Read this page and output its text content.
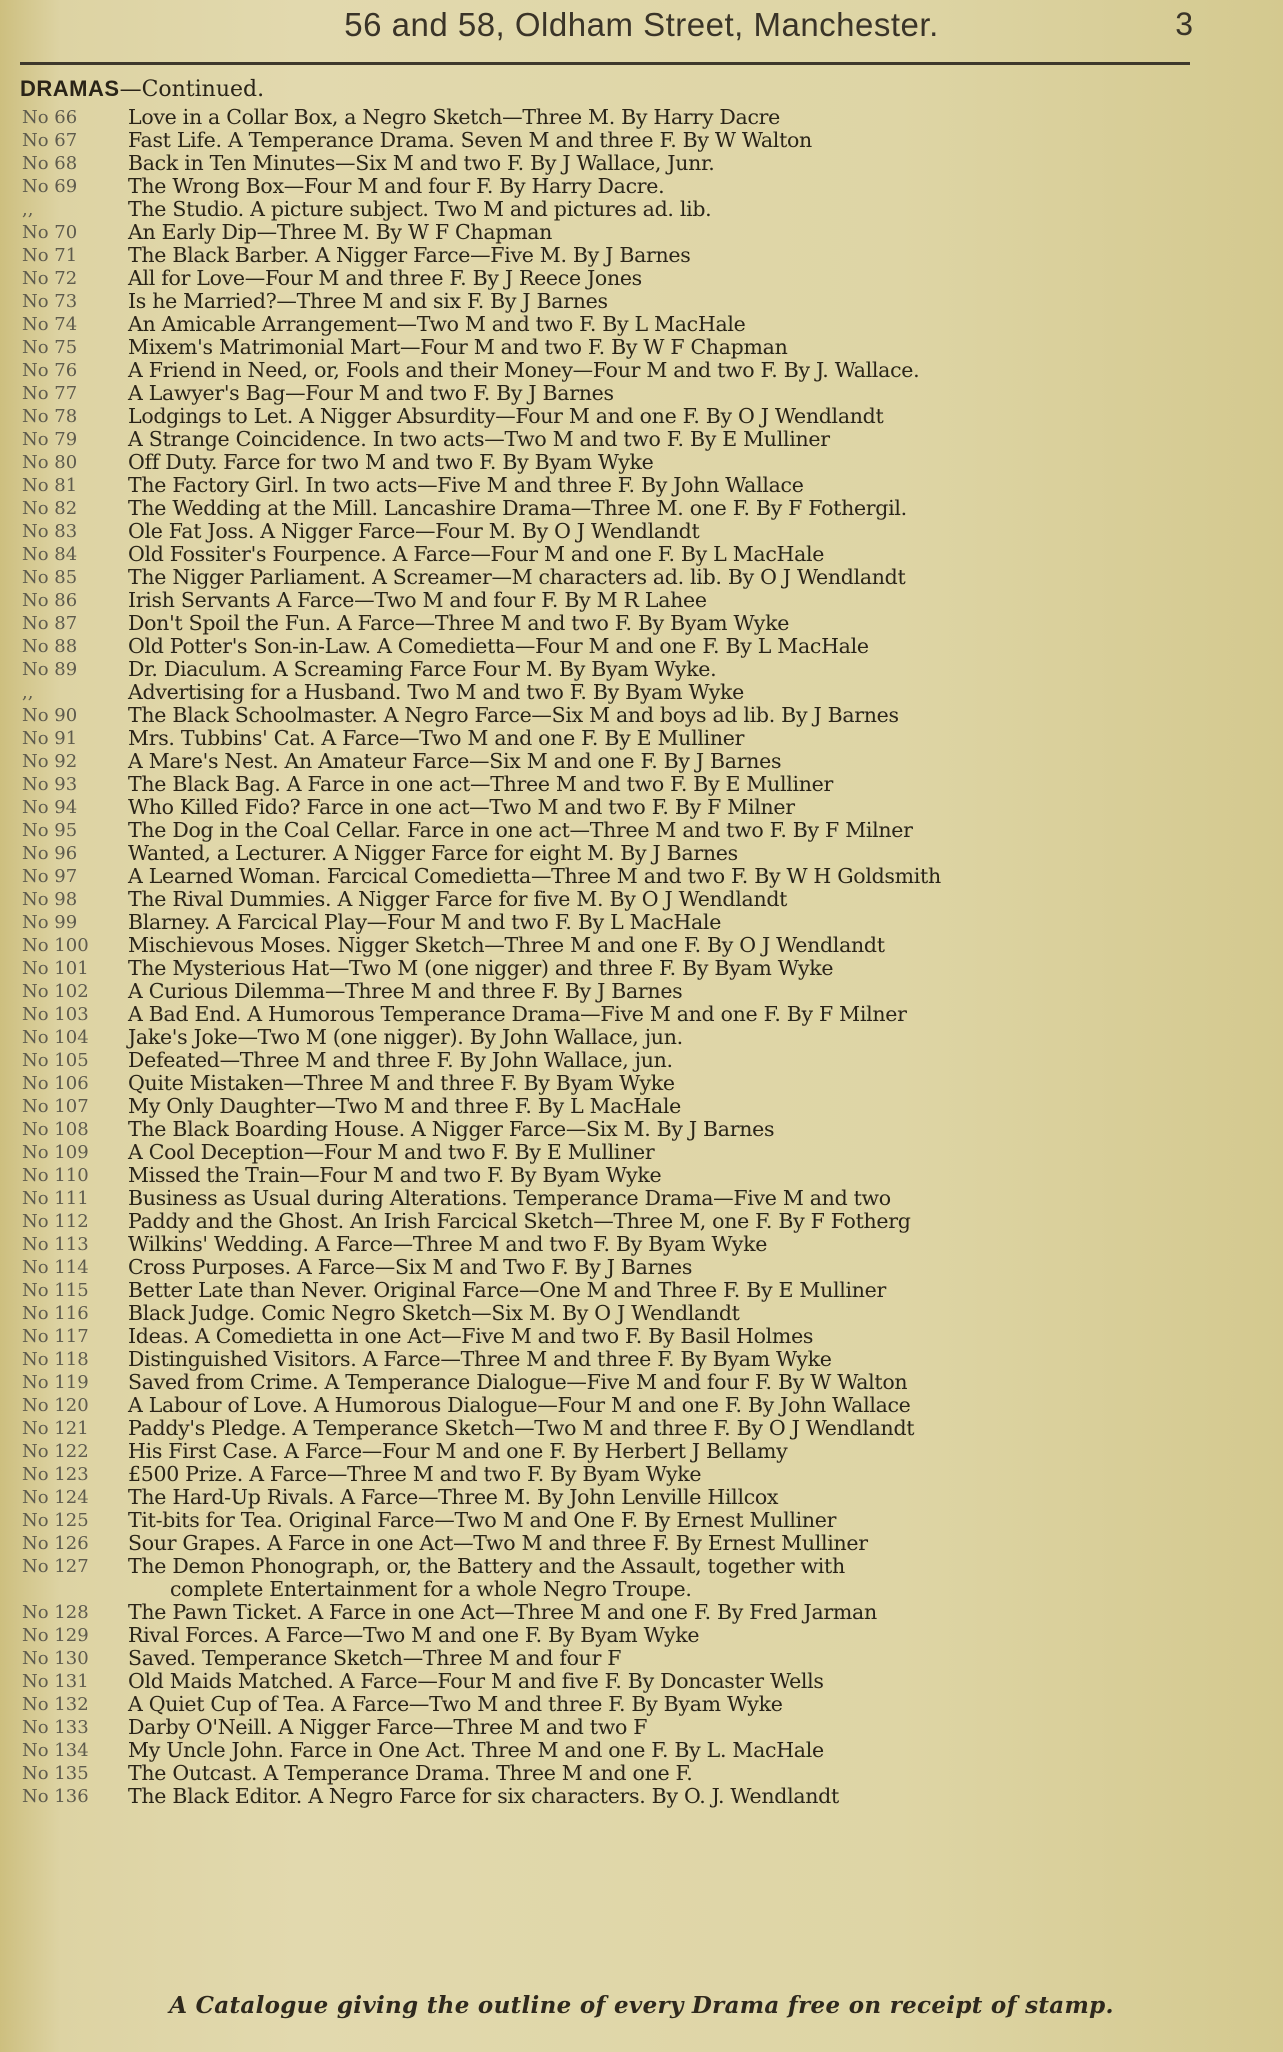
56 and 58, Oldham Street, Manchester.	3
DRAMAS—Continued.
No 66	Love in a Collar Box, a Negro Sketch—Three M. By Harry Dacre
No 67	Fast Life. A Temperance Drama. Seven M and three F. By W Walton
No 68	Back in Ten Minutes—Six M and two F. By J Wallace, Junr.
No 69	The Wrong Box—Four M and four F. By Harry Dacre.
,,	The Studio. A picture subject. Two M and pictures ad. lib.
No 70	An Early Dip—Three M. By W F Chapman
No 71	The Black Barber. A Nigger Farce—Five M. By J Barnes
No 72	All for Love—Four M and three F. By J Reece Jones
No 73	Is he Married?—Three M and six F. By J Barnes
No 74	An Amicable Arrangement—Two M and two F. By L MacHale
No 75	Mixem's Matrimonial Mart—Four M and two F. By W F Chapman
No 76	A Friend in Need, or, Fools and their Money—Four M and two F. By J. Wallace.
No 77	A Lawyer's Bag—Four M and two F. By J Barnes
No 78	Lodgings to Let. A Nigger Absurdity—Four M and one F. By O J Wendlandt
No 79	A Strange Coincidence. In two acts—Two M and two F. By E Mulliner
No 80	Off Duty. Farce for two M and two F. By Byam Wyke
No 81	The Factory Girl. In two acts—Five M and three F. By John Wallace
No 82	The Wedding at the Mill. Lancashire Drama—Three M. one F. By F Fothergil.
No 83	Ole Fat Joss. A Nigger Farce—Four M. By O J Wendlandt
No 84	Old Fossiter's Fourpence. A Farce—Four M and one F. By L MacHale
No 85	The Nigger Parliament. A Screamer—M characters ad. lib. By O J Wendlandt
No 86	Irish Servants A Farce—Two M and four F. By M R Lahee
No 87	Don't Spoil the Fun. A Farce—Three M and two F. By Byam Wyke
No 88	Old Potter's Son-in-Law. A Comedietta—Four M and one F. By L MacHale
No 89	Dr. Diaculum. A Screaming Farce Four M. By Byam Wyke.
,,	Advertising for a Husband. Two M and two F. By Byam Wyke
No 90	The Black Schoolmaster. A Negro Farce—Six M and boys ad lib. By J Barnes
No 91	Mrs. Tubbins' Cat. A Farce—Two M and one F. By E Mulliner
No 92	A Mare's Nest. An Amateur Farce—Six M and one F. By J Barnes
No 93	The Black Bag. A Farce in one act—Three M and two F. By E Mulliner
No 94	Who Killed Fido? Farce in one act—Two M and two F. By F Milner
No 95	The Dog in the Coal Cellar. Farce in one act—Three M and two F. By F Milner
No 96	Wanted, a Lecturer. A Nigger Farce for eight M. By J Barnes
No 97	A Learned Woman. Farcical Comedietta—Three M and two F. By W H Goldsmith
No 98	The Rival Dummies. A Nigger Farce for five M. By O J Wendlandt
No 99	Blarney. A Farcical Play—Four M and two F. By L MacHale
No 100	Mischievous Moses. Nigger Sketch—Three M and one F. By O J Wendlandt
No 101	The Mysterious Hat—Two M (one nigger) and three F. By Byam Wyke
No 102	A Curious Dilemma—Three M and three F. By J Barnes
No 103	A Bad End. A Humorous Temperance Drama—Five M and one F. By F Milner
No 104	Jake's Joke—Two M (one nigger). By John Wallace, jun.
No 105	Defeated—Three M and three F. By John Wallace, jun.
No 106	Quite Mistaken—Three M and three F. By Byam Wyke
No 107	My Only Daughter—Two M and three F. By L MacHale
No 108	The Black Boarding House. A Nigger Farce—Six M. By J Barnes
No 109	A Cool Deception—Four M and two F. By E Mulliner
No 110	Missed the Train—Four M and two F. By Byam Wyke
No 111	Business as Usual during Alterations. Temperance Drama—Five M and two
No 112	Paddy and the Ghost. An Irish Farcical Sketch—Three M, one F. By F Fotherg
No 113	Wilkins' Wedding. A Farce—Three M and two F. By Byam Wyke
No 114	Cross Purposes. A Farce—Six M and Two F. By J Barnes
No 115	Better Late than Never. Original Farce—One M and Three F. By E Mulliner
No 116	Black Judge. Comic Negro Sketch—Six M. By O J Wendlandt
No 117	Ideas. A Comedietta in one Act—Five M and two F. By Basil Holmes
No 118	Distinguished Visitors. A Farce—Three M and three F. By Byam Wyke
No 119	Saved from Crime. A Temperance Dialogue—Five M and four F. By W Walton
No 120	A Labour of Love. A Humorous Dialogue—Four M and one F. By John Wallace
No 121	Paddy's Pledge. A Temperance Sketch—Two M and three F. By O J Wendlandt
No 122	His First Case. A Farce—Four M and one F. By Herbert J Bellamy
No 123	£500 Prize. A Farce—Three M and two F. By Byam Wyke
No 124	The Hard-Up Rivals. A Farce—Three M. By John Lenville Hillcox
No 125	Tit-bits for Tea. Original Farce—Two M and One F. By Ernest Mulliner
No 126	Sour Grapes. A Farce in one Act—Two M and three F. By Ernest Mulliner
No 127	The Demon Phonograph, or, the Battery and the Assault, together with
complete Entertainment for a whole Negro Troupe.
No 128	The Pawn Ticket. A Farce in one Act—Three M and one F. By Fred Jarman
No 129	Rival Forces. A Farce—Two M and one F. By Byam Wyke
No 130	Saved. Temperance Sketch—Three M and four F
No 131	Old Maids Matched. A Farce—Four M and five F. By Doncaster Wells
No 132	A Quiet Cup of Tea. A Farce—Two M and three F. By Byam Wyke
No 133	Darby O'Neill. A Nigger Farce—Three M and two F
No 134	My Uncle John. Farce in One Act. Three M and one F. By L. MacHale
No 135	The Outcast. A Temperance Drama. Three M and one F.
No 136	The Black Editor. A Negro Farce for six characters. By O. J. Wendlandt
A Catalogue giving the outline of every Drama free on receipt of stamp.
